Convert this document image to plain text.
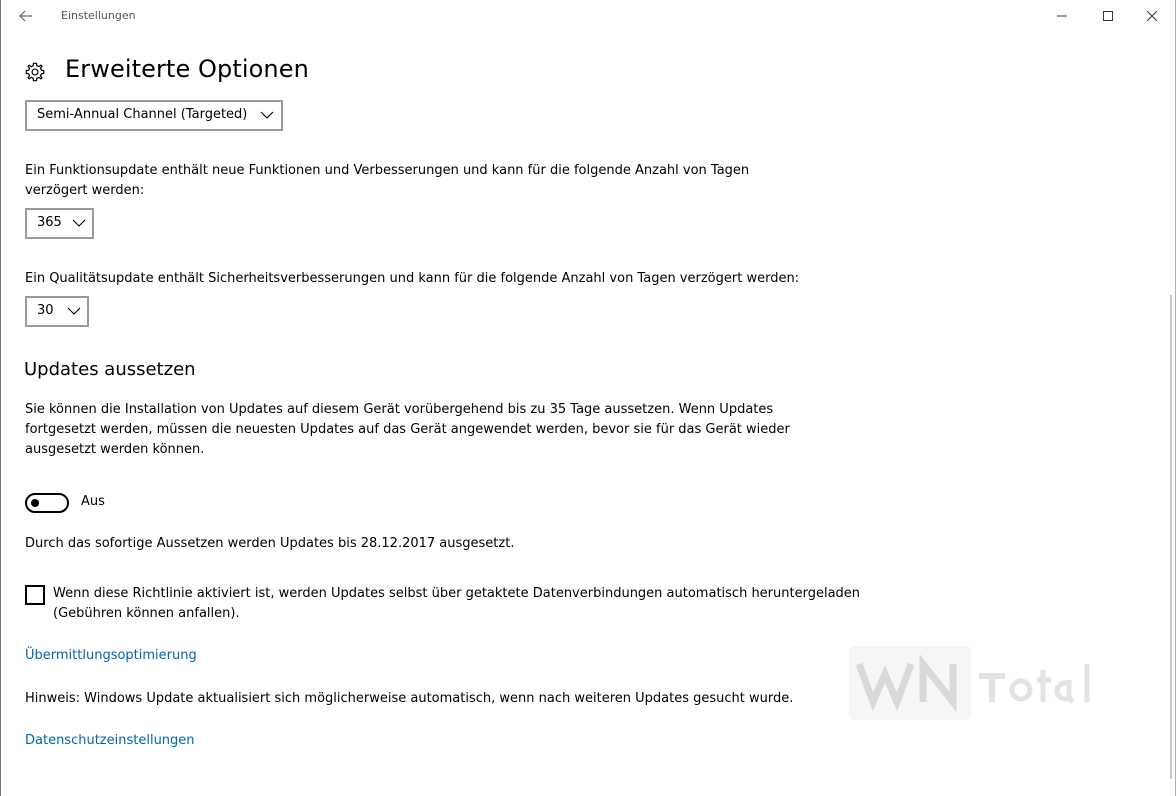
Einstellungen
Erweiterte Optionen
Semi-Annual Channel (Targeted)
Ein Funktionsupdate enthält neue Funktionen und Verbesserungen und kann für die folgende Anzahl von Tagen verzögert werden:
365
Ein Qualitätsupdate enthält Sicherheitsverbesserungen und kann für die folgende Anzahl von Tagen verzögert werden:
30
Updates aussetzen
Sie können die Installation von Updates auf diesem Gerät vorübergehend bis zu 35 Tage aussetzen. Wenn Updates fortgesetzt werden, müssen die neuesten Updates auf das Gerät angewendet werden, bevor sie für das Gerät wieder ausgesetzt werden können.
Aus
Durch das sofortige Aussetzen werden Updates bis 28.12.2017 ausgesetzt.
Wenn diese Richtlinie aktiviert ist, werden Updates selbst über getaktete Datenverbindungen automatisch heruntergeladen (Gebühren können anfallen).
Übermittlungsoptimierung
Hinweis: Windows Update aktualisiert sich möglicherweise automatisch, wenn nach weiteren Updates gesucht wurde.
Datenschutzeinstellungen
